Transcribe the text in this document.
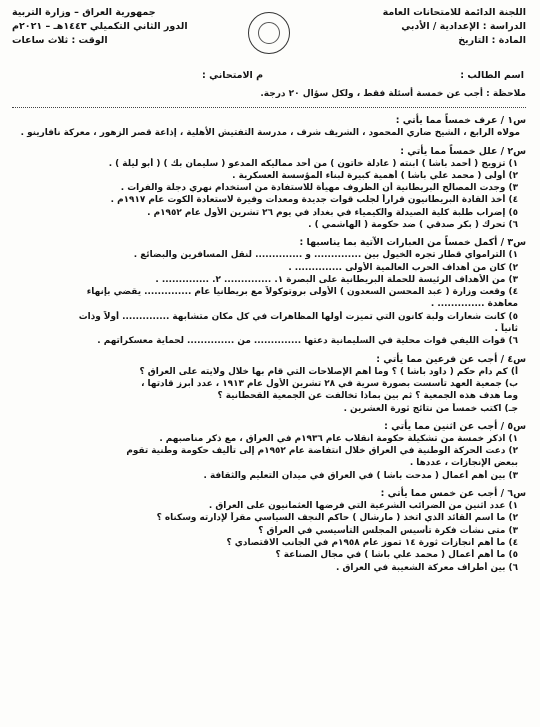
اللجنة الدائمة للامتحانات العامة
الدراسة : الإعدادية / الأدبي
المادة : التاريخ
جمهورية العراق – وزارة التربية
الدور الثاني التكميلي ١٤٤٣هـ – ٢٠٢١م
الوقت : ثلاث ساعات
اسم الطالب :
م الامتحاني :
ملاحظة : أجب عن خمسة أسئلة فقط ، ولكل سؤال ٢٠ درجة.
س١ / عرف خمساً مما يأتي :
مولاه الرابع ، الشيخ ضاري المحمود ، الشريف شرف ، مدرسة التفتيش الأهلية ، إذاعة قصر الزهور ، معركة نافارينو .
س٢ / علل خمساً مما يأتي :
١) تزويج ( أحمد باشا ) ابنته ( عادلة خاتون ) من أحد مماليكه المدعو ( سليمان بك ) ( أبو ليلة ) .
٢) أولى ( محمد علي باشا ) أهمية كبيرة لبناء المؤسسة العسكرية .
٣) وجدت المصالح البريطانية أن الظروف مهيأة للاستفادة من استخدام نهري دجلة والفرات .
٤) أخذ القادة البريطانيون قراراً لجلب قوات جديدة ومعدات وفيرة لاستعادة الكوت عام ١٩١٧م .
٥) إضراب طلبة كلية الصيدلة والكيمياء في بغداد في يوم ٢٦ تشرين الأول عام ١٩٥٢م .
٦) تحرك ( بكر صدقي ) ضد حكومة ( الهاشمي ) .
س٣ / أكمل خمساً من العبارات الآتية بما يناسبها :
١) الترامواي قطار تجره الخيول بين .............. و .............. لنقل المسافرين والبضائع .
٢) كان من أهداف الحرب العالمية الأولى .............. .
٣) من الأهداف الرئيسة للحملة البريطانية على البصرة ١. .............. ٢. .............. .
٤) وقعت وزارة ( عبد المحسن السعدون ) الأولى بروتوكولاً مع بريطانيا عام .............. يقضي بإنهاء
معاهدة .............. .
٥) كانت شعارات ولبة كانون التي تميزت أولها المظاهرات في كل مكان متشابهة .............. أولاً وذات
ثانياً .
٦) قوات الليفي قوات محلية في السليمانية دعتها .............. من .............. لحماية معسكراتهم .
س٤ / أجب عن فرعين مما يأتي :
أ) كم دام حكم ( داود باشا ) ؟ وما أهم الإصلاحات التي قام بها خلال ولايته على العراق ؟
ب) جمعية العهد تأسست بصورة سرية في ٢٨ تشرين الأول عام ١٩١٣ ، عدد أبرز قادتها ،
وما هدف هذه الجمعية ؟ ثم بين بماذا تخالفت عن الجمعية القحطانية ؟
جـ) اكتب خمساً من نتائج ثورة العشرين .
س٥ / أجب عن اثنين مما يأتي :
١) اذكر خمسة من تشكيلة حكومة انقلاب عام ١٩٣٦م في العراق ، مع ذكر مناصبهم .
٢) دعت الحركة الوطنية في العراق خلال انتفاضة عام ١٩٥٢م إلى تأليف حكومة وطنية تقوم
ببعض الإنجازات ، عددها .
٣) بين أهم أعمال ( مدحت باشا ) في العراق في ميدان التعليم والثقافة .
س٦ / أجب عن خمس مما يأتي :
١) عدد اثنين من الضرائب الشرعية التي فرضها العثمانيون على العراق .
٢) ما اسم القائد الذي اتخذ ( مارشال ) حاكم النجف السياسي مقراً لإدارته وسكناه ؟
٣) متى نشأت فكرة تأسيس المجلس التأسيسي في العراق ؟
٤) ما أهم انجازات ثورة ١٤ تموز عام ١٩٥٨م في الجانب الاقتصادي ؟
٥) ما أهم أعمال ( محمد علي باشا ) في مجال الصناعة ؟
٦) بين أطراف معركة الشعيبة في العراق .
